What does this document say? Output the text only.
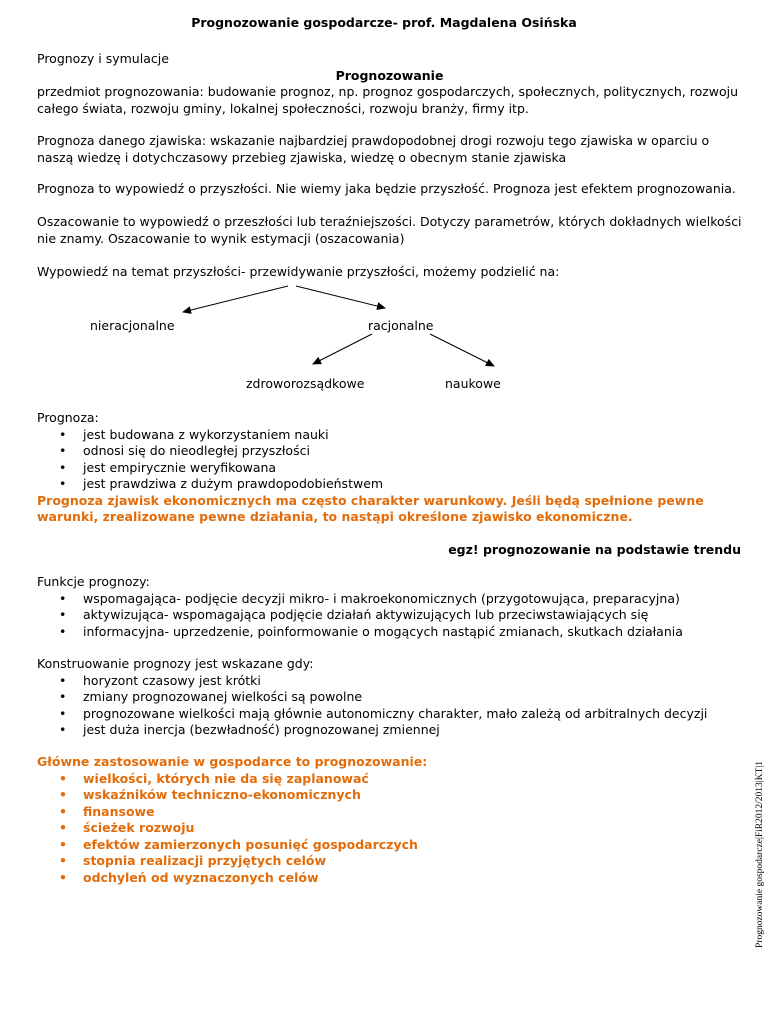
Prognozowanie gospodarcze- prof. Magdalena Osińska
Prognozy i symulacje
Prognozowanie
przedmiot prognozowania: budowanie prognoz, np. prognoz gospodarczych, społecznych, politycznych, rozwoju całego świata, rozwoju gminy, lokalnej społeczności, rozwoju branży, firmy itp.
Prognoza danego zjawiska: wskazanie najbardziej prawdopodobnej drogi rozwoju tego zjawiska w oparciu o naszą wiedzę i dotychczasowy przebieg zjawiska, wiedzę o obecnym stanie zjawiska
Prognoza to wypowiedź o przyszłości. Nie wiemy jaka będzie przyszłość. Prognoza jest efektem prognozowania.
Oszacowanie to wypowiedź o przeszłości lub teraźniejszości. Dotyczy parametrów, których dokładnych wielkości nie znamy. Oszacowanie to wynik estymacji (oszacowania)
Wypowiedź na temat przyszłości- przewidywanie przyszłości, możemy podzielić na:
nieracjonalne	racjonalne
zdroworozsądkowe	naukowe
Prognoza:
• jest budowana z wykorzystaniem nauki
• odnosi się do nieodległej przyszłości
• jest empirycznie weryfikowana
• jest prawdziwa z dużym prawdopodobieństwem
Prognoza zjawisk ekonomicznych ma często charakter warunkowy. Jeśli będą spełnione pewne warunki, zrealizowane pewne działania, to nastąpi określone zjawisko ekonomiczne.
egz! prognozowanie na podstawie trendu
Funkcje prognozy:
• wspomagająca- podjęcie decyzji mikro- i makroekonomicznych (przygotowująca, preparacyjna)
• aktywizująca- wspomagająca podjęcie działań aktywizujących lub przeciwstawiających się
• informacyjna- uprzedzenie, poinformowanie o mogących nastąpić zmianach, skutkach działania
Konstruowanie prognozy jest wskazane gdy:
• horyzont czasowy jest krótki
• zmiany prognozowanej wielkości są powolne
• prognozowane wielkości mają głównie autonomiczny charakter, mało zależą od arbitralnych decyzji
• jest duża inercja (bezwładność) prognozowanej zmiennej
Główne zastosowanie w gospodarce to prognozowanie:
• wielkości, których nie da się zaplanować
• wskaźników techniczno-ekonomicznych
• finansowe
• ścieżek rozwoju
• efektów zamierzonych posunięć gospodarczych
• stopnia realizacji przyjętych celów
• odchyleń od wyznaczonych celów	Prognozowanie gospodarcze|FiR2012/2013|KT|1
